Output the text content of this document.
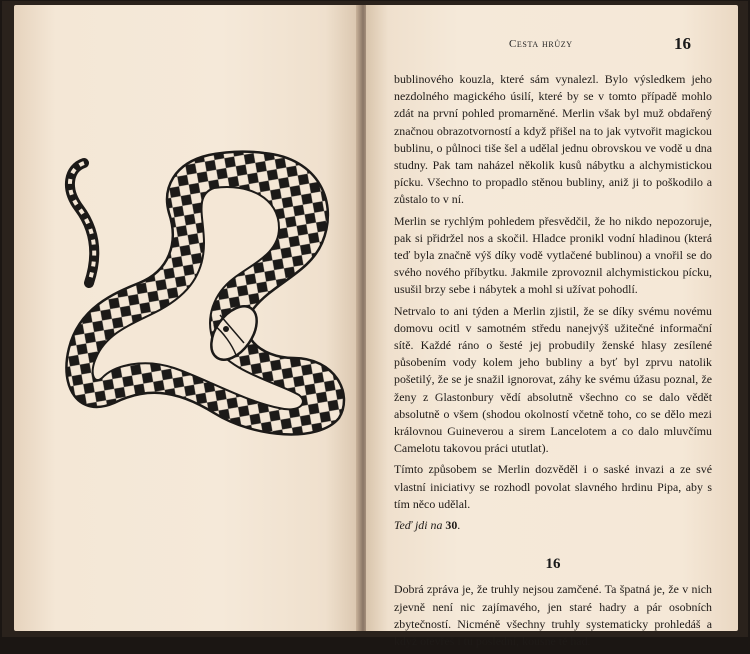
Cesta hrůzy	16

bublinového kouzla, které sám vynalezl. Bylo výsledkem jeho nezdolného magického úsilí, které by se v tomto případě mohlo zdát na první pohled promarněné. Merlin však byl muž obdařený značnou obrazotvorností a když přišel na to jak vytvořit magickou bublinu, o půlnoci tiše šel a udělal jednu obrovskou ve vodě u dna studny. Pak tam naházel několik kusů nábytku a alchymistickou pícku. Všechno to propadlo stěnou bubliny, aniž ji to poškodilo a zůstalo to v ní.

Merlin se rychlým pohledem přesvědčil, že ho nikdo nepozoruje, pak si přidržel nos a skočil. Hladce pronikl vodní hladinou (která teď byla značně výš díky vodě vytlačené bublinou) a vnořil se do svého nového příbytku. Jakmile zprovoznil alchymistickou pícku, usušil brzy sebe i nábytek a mohl si užívat pohodlí.

Netrvalo to ani týden a Merlin zjistil, že se díky svému novému domovu ocitl v samotném středu nanejvýš užitečné informační sítě. Každé ráno o šesté jej probudily ženské hlasy zesílené působením vody kolem jeho bubliny a byť byl zprvu natolik pošetilý, že se je snažil ignorovat, záhy ke svému úžasu poznal, že ženy z Glastonbury vědí absolutně všechno co se dalo vědět absolutně o všem (shodou okolností včetně toho, co se dělo mezi královnou Guineverou a sirem Lancelotem a co dalo mluvčímu Camelotu takovou práci ututlat).

Tímto způsobem se Merlin dozvěděl i o saské invazi a ze své vlastní iniciativy se rozhodl povolat slavného hrdinu Pipa, aby s tím něco udělal.

Teď jdi na 30.

16

Dobrá zpráva je, že truhly nejsou zamčené. Ta špatná je, že v nich zjevně není nic zajímavého, jen staré hadry a pár osobních zbytečností. Nicméně všechny truhly systematicky prohledáš a když otevřeš i tu poslední, kousne tě had.
